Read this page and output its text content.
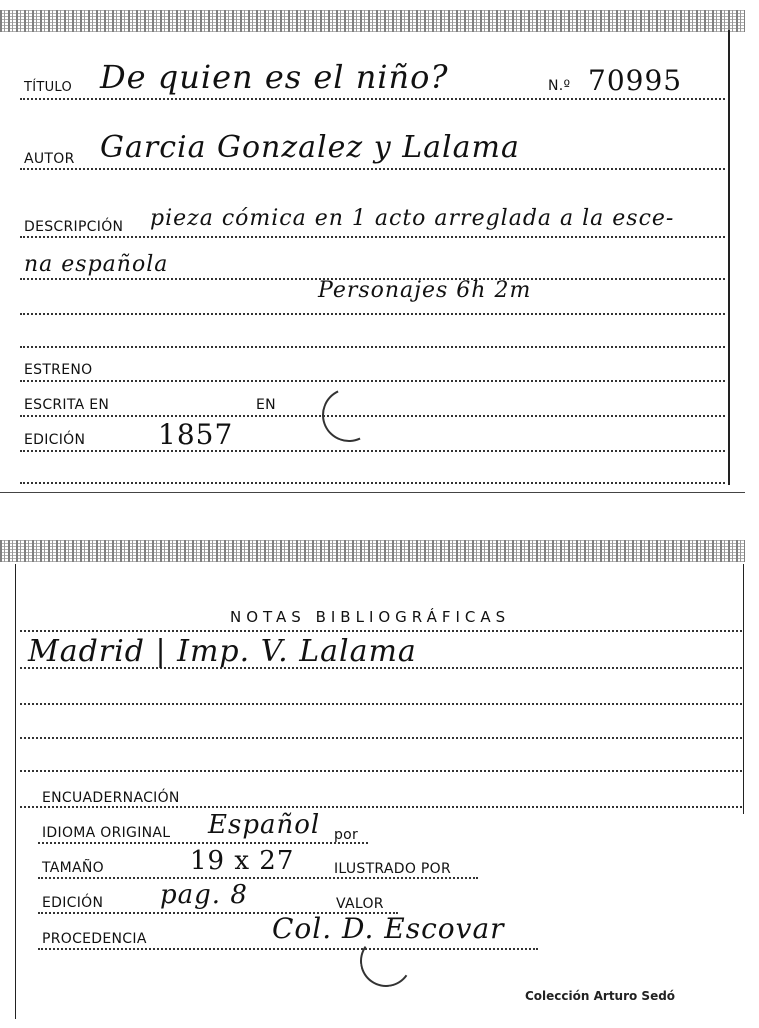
TÍTULO De quien es el niño?	N.º 70995
AUTOR Garcia Gonzalez y Lalama
DESCRIPCIÓN pieza cómica en 1 acto arreglada a la esce-
na española
Personajes 6h 2m
ESTRENO
ESCRITA EN	EN
EDICIÓN	1857
NOTAS BIBLIOGRÁFICAS
Madrid | Imp. V. Lalama
ENCUADERNACIÓN
IDIOMA ORIGINAL Español por
TAMAÑO	19 x 27	ILUSTRADO POR
EDICIÓN pag. 8	VALOR
PROCEDENCIA	Col. D. Escovar
Colección Arturo Sedó
